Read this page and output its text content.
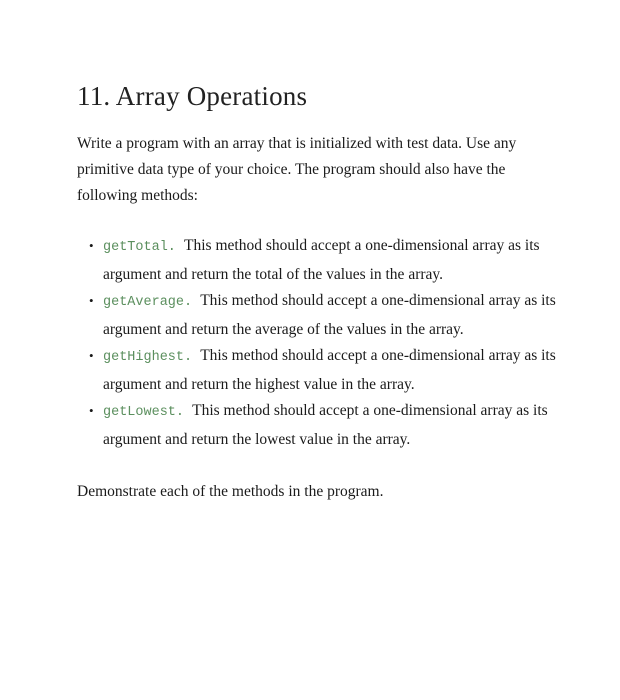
11. Array Operations

Write a program with an array that is initialized with test data. Use any primitive data type of your choice. The program should also have the following methods:

• getTotal. This method should accept a one-dimensional array as its argument and return the total of the values in the array.
• getAverage. This method should accept a one-dimensional array as its argument and return the average of the values in the array.
• getHighest. This method should accept a one-dimensional array as its argument and return the highest value in the array.
• getLowest. This method should accept a one-dimensional array as its argument and return the lowest value in the array.

Demonstrate each of the methods in the program.
